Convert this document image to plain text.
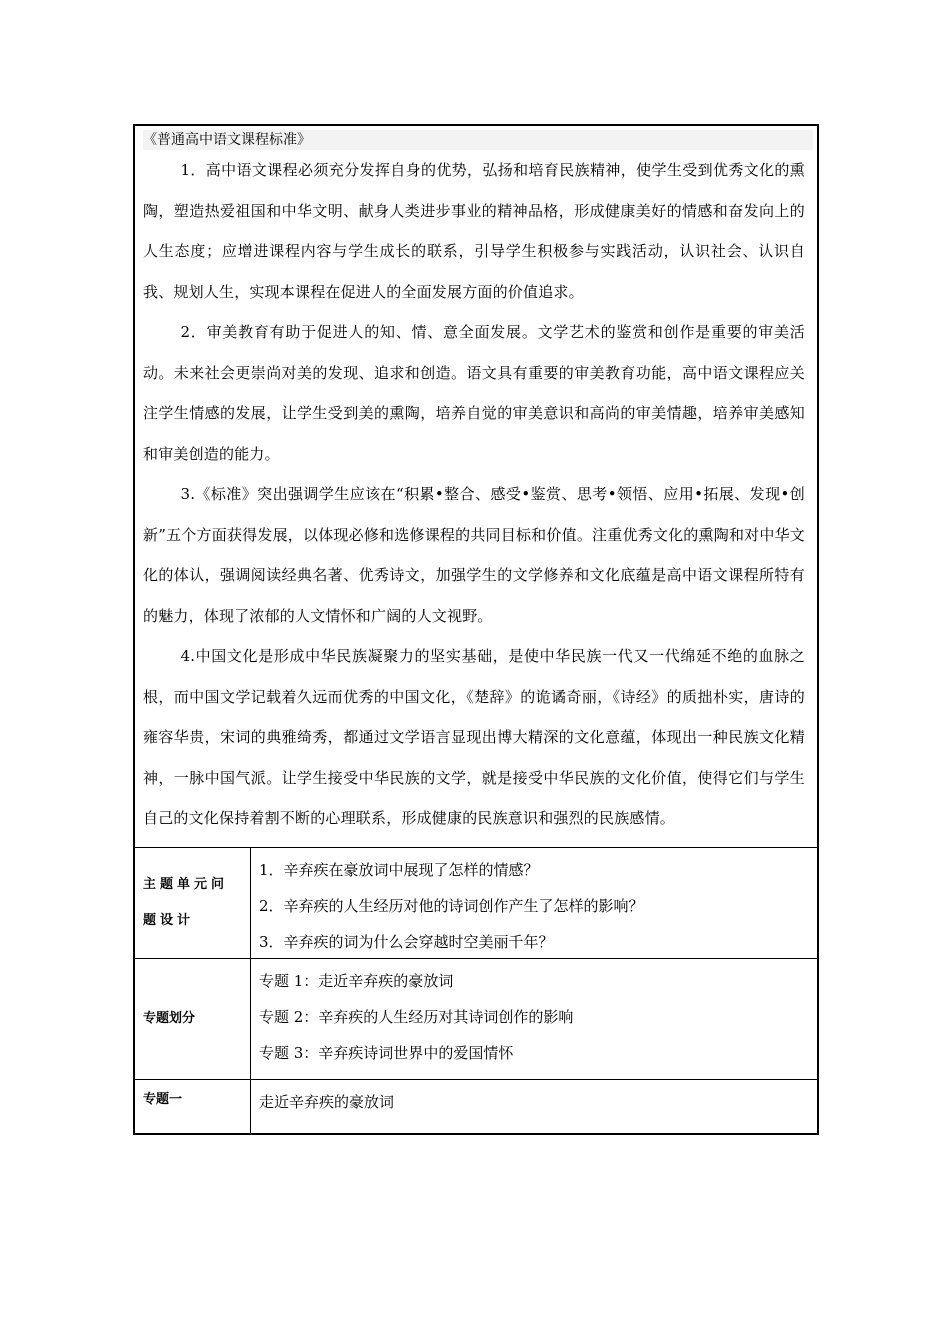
《普通高中语文课程标准》

1．高中语文课程必须充分发挥自身的优势，弘扬和培育民族精神，使学生受到优秀文化的熏陶，塑造热爱祖国和中华文明、献身人类进步事业的精神品格，形成健康美好的情感和奋发向上的人生态度；应增进课程内容与学生成长的联系，引导学生积极参与实践活动，认识社会、认识自我、规划人生，实现本课程在促进人的全面发展方面的价值追求。

2．审美教育有助于促进人的知、情、意全面发展。文学艺术的鉴赏和创作是重要的审美活动。未来社会更崇尚对美的发现、追求和创造。语文具有重要的审美教育功能，高中语文课程应关注学生情感的发展，让学生受到美的熏陶，培养自觉的审美意识和高尚的审美情趣，培养审美感知和审美创造的能力。

3.《标准》突出强调学生应该在“积累•整合、感受•鉴赏、思考•领悟、应用•拓展、发现•创新”五个方面获得发展，以体现必修和选修课程的共同目标和价值。注重优秀文化的熏陶和对中华文化的体认，强调阅读经典名著、优秀诗文，加强学生的文学修养和文化底蕴是高中语文课程所特有的魅力，体现了浓郁的人文情怀和广阔的人文视野。

4.中国文化是形成中华民族凝聚力的坚实基础，是使中华民族一代又一代绵延不绝的血脉之根，而中国文学记载着久远而优秀的中国文化，《楚辞》的诡谲奇丽，《诗经》的质拙朴实，唐诗的雍容华贵，宋词的典雅绮秀，都通过文学语言显现出博大精深的文化意蕴，体现出一种民族文化精神，一脉中国气派。让学生接受中华民族的文学，就是接受中华民族的文化价值，使得它们与学生自己的文化保持着割不断的心理联系，形成健康的民族意识和强烈的民族感情。

主题单元问题设计
1．辛弃疾在豪放词中展现了怎样的情感？
2．辛弃疾的人生经历对他的诗词创作产生了怎样的影响？
3．辛弃疾的词为什么会穿越时空美丽千年？
专题划分
专题 1：走近辛弃疾的豪放词
专题 2：辛弃疾的人生经历对其诗词创作的影响
专题 3：辛弃疾诗词世界中的爱国情怀
专题一	走近辛弃疾的豪放词
